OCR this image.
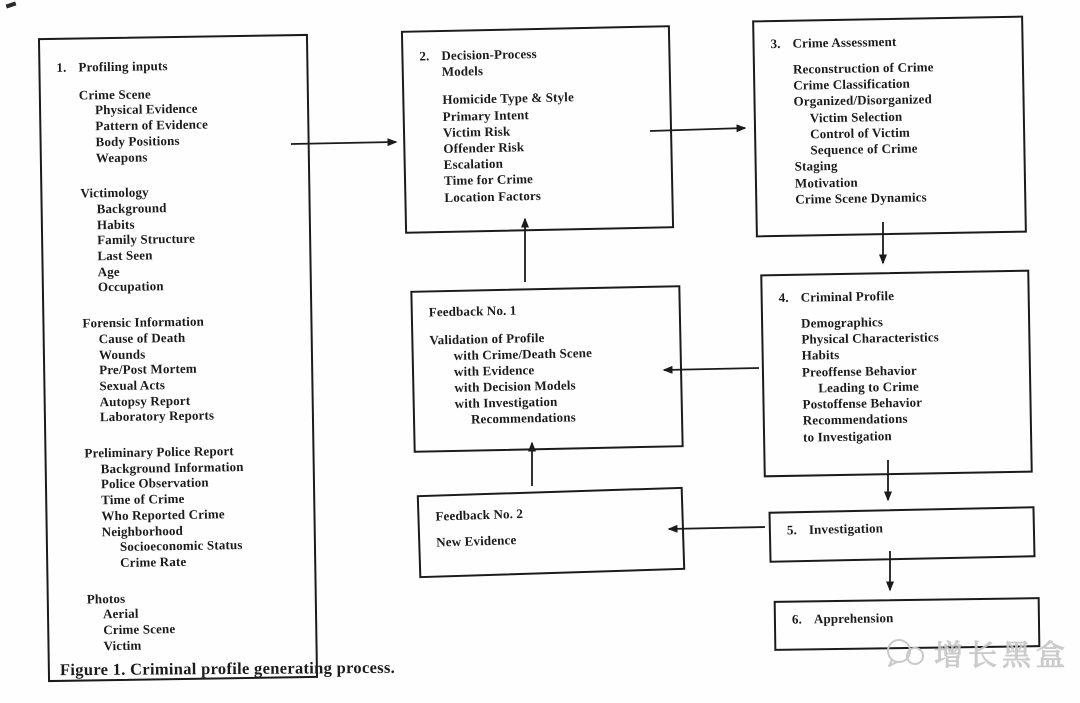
1. Profiling inputs
Crime Scene
Physical Evidence
Pattern of Evidence
Body Positions
Weapons
Victimology
Background
Habits
Family Structure
Last Seen
Age
Occupation
Forensic Information
Cause of Death
Wounds
Pre/Post Mortem
Sexual Acts
Autopsy Report
Laboratory Reports
Preliminary Police Report
Background Information
Police Observation
Time of Crime
Who Reported Crime
Neighborhood
Socioeconomic Status
Crime Rate
Photos
Aerial
Crime Scene
Victim
2. Decision-Process
Models
Homicide Type & Style
Primary Intent
Victim Risk
Offender Risk
Escalation
Time for Crime
Location Factors
3. Crime Assessment
Reconstruction of Crime
Crime Classification
Organized/Disorganized
Victim Selection
Control of Victim
Sequence of Crime
Staging
Motivation
Crime Scene Dynamics
Feedback No. 1
Validation of Profile
with Crime/Death Scene
with Evidence
with Decision Models
with Investigation
Recommendations
4. Criminal Profile
Demographics
Physical Characteristics
Habits
Preoffense Behavior
Leading to Crime
Postoffense Behavior
Recommendations
to Investigation
Feedback No. 2
New Evidence
5. Investigation
6. Apprehension
Figure 1. Criminal profile generating process.	增长黑盒
